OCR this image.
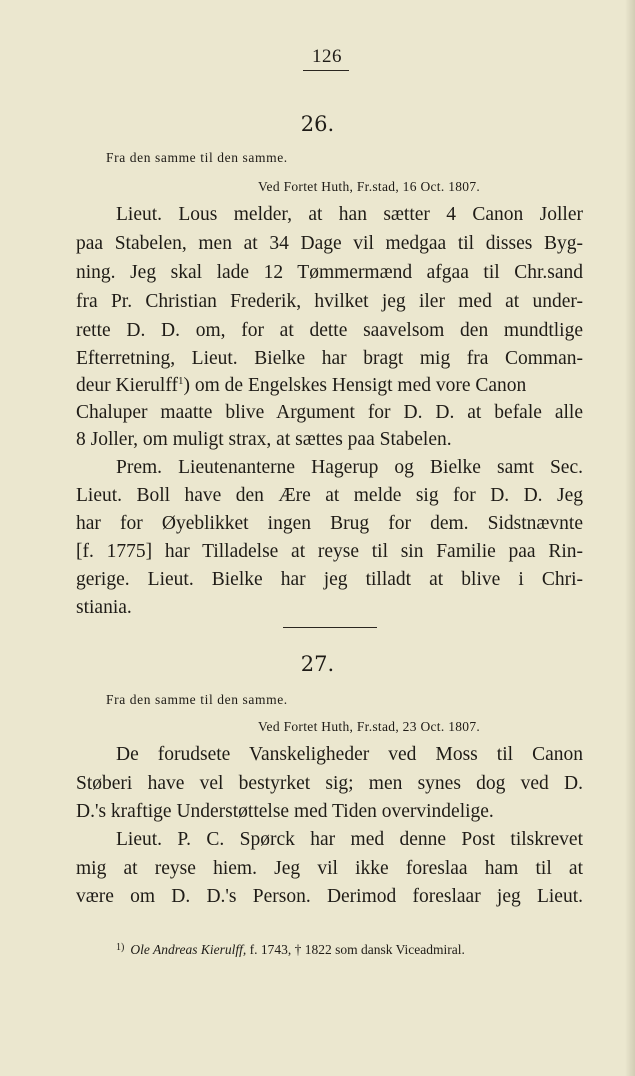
126
26.
Fra den samme til den samme.
Ved Fortet Huth, Fr.stad, 16 Oct. 1807.
Lieut. Lous melder, at han sætter 4 Canon Joller
paa Stabelen, men at 34 Dage vil medgaa til disses Byg-
ning. Jeg skal lade 12 Tømmermænd afgaa til Chr.sand
fra Pr. Christian Frederik, hvilket jeg iler med at under-
rette D. D. om, for at dette saavelsom den mundtlige
Efterretning, Lieut. Bielke har bragt mig fra Comman-
deur Kierulff$^1$) om de Engelskes Hensigt med vore Canon
Chaluper maatte blive Argument for D. D. at befale alle
8 Joller, om muligt strax, at sættes paa Stabelen.
Prem. Lieutenanterne Hagerup og Bielke samt Sec.
Lieut. Boll have den Ære at melde sig for D. D. Jeg
har for Øyeblikket ingen Brug for dem. Sidstnævnte
[f. 1775] har Tilladelse at reyse til sin Familie paa Rin-
gerige. Lieut. Bielke har jeg tilladt at blive i Chri-
stiania.
27.
Fra den samme til den samme.
Ved Fortet Huth, Fr.stad, 23 Oct. 1807.
De forudsete Vanskeligheder ved Moss til Canon
Støberi have vel bestyrket sig; men synes dog ved D.
D.'s kraftige Understøttelse med Tiden overvindelige.
Lieut. P. C. Spørck har med denne Post tilskrevet
mig at reyse hiem. Jeg vil ikke foreslaa ham til at
være om D. D.'s Person. Derimod foreslaar jeg Lieut.
$^{1)}$ Ole Andreas Kierulff, f. 1743, † 1822 som dansk Viceadmiral.
